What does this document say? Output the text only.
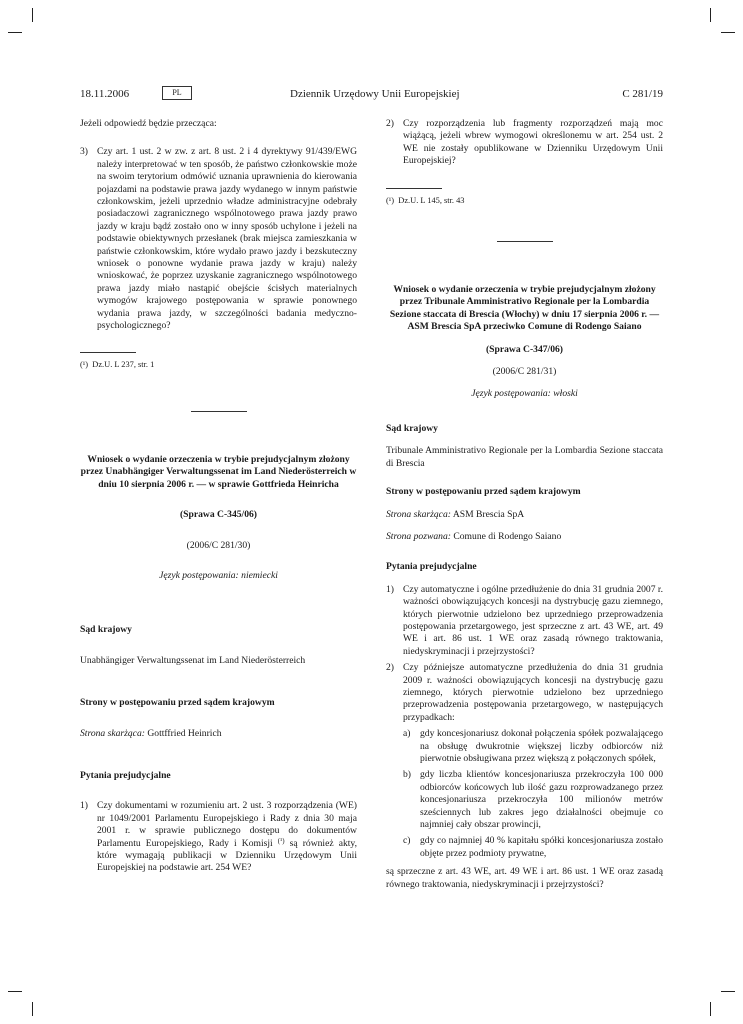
18.11.2006	PL	Dziennik Urzędowy Unii Europejskiej	C 281/19

Jeżeli odpowiedź będzie przecząca:

3) Czy art. 1 ust. 2 w zw. z art. 8 ust. 2 i 4 dyrektywy 91/439/EWG należy interpretować w ten sposób, że państwo członkowskie może na swoim terytorium odmówić uznania uprawnienia do kierowania pojazdami na podstawie prawa jazdy wydanego w innym państwie członkowskim, jeżeli uprzednio władze administracyjne odebrały posiadaczowi zagranicznego wspólnotowego prawa jazdy prawo jazdy w kraju bądź zostało ono w inny sposób uchylone i jeżeli na podstawie obiektywnych przesłanek (brak miejsca zamieszkania w państwie członkowskim, które wydało prawo jazdy i bezskuteczny wniosek o ponowne wydanie prawa jazdy w kraju) należy wnioskować, że poprzez uzyskanie zagranicznego wspólnotowego prawa jazdy miało nastąpić obejście ścisłych materialnych wymogów krajowego postępowania w sprawie ponownego wydania prawa jazdy, w szczególności badania medyczno-psychologicznego?
(¹) Dz.U. L 237, str. 1

Wniosek o wydanie orzeczenia w trybie prejudycjalnym złożony przez Unabhängiger Verwaltungssenat im Land Niederösterreich w dniu 10 sierpnia 2006 r. — w sprawie Gottfrieda Heinricha

(Sprawa C-345/06)

(2006/C 281/30)

Język postępowania: niemiecki

Sąd krajowy

Unabhängiger Verwaltungssenat im Land Niederösterreich

Strony w postępowaniu przed sądem krajowym

Strona skarżąca: Gottffried Heinrich

Pytania prejudycjalne

1) Czy dokumentami w rozumieniu art. 2 ust. 3 rozporządzenia (WE) nr 1049/2001 Parlamentu Europejskiego i Rady z dnia 30 maja 2001 r. w sprawie publicznego dostępu do dokumentów Parlamentu Europejskiego, Rady i Komisji $^{(^1)}$ są również akty, które wymagają publikacji w Dzienniku Urzędowym Unii Europejskiej na podstawie art. 254 WE?
2) Czy rozporządzenia lub fragmenty rozporządzeń mają moc wiążącą, jeżeli wbrew wymogowi określonemu w art. 254 ust. 2 WE nie zostały opublikowane w Dzienniku Urzędowym Unii Europejskiej?
(¹) Dz.U. L 145, str. 43

Wniosek o wydanie orzeczenia w trybie prejudycjalnym złożony przez Tribunale Amministrativo Regionale per la Lombardia Sezione staccata di Brescia (Włochy) w dniu 17 sierpnia 2006 r. — ASM Brescia SpA przeciwko Comune di Rodengo Saiano

(Sprawa C-347/06)

(2006/C 281/31)

Język postępowania: włoski

Sąd krajowy

Tribunale Amministrativo Regionale per la Lombardia Sezione staccata di Brescia

Strony w postępowaniu przed sądem krajowym

Strona skarżąca: ASM Brescia SpA

Strona pozwana: Comune di Rodengo Saiano

Pytania prejudycjalne

1) Czy automatyczne i ogólne przedłużenie do dnia 31 grudnia 2007 r. ważności obowiązujących koncesji na dystrybucję gazu ziemnego, których pierwotnie udzielono bez uprzedniego przeprowadzenia postępowania przetargowego, jest sprzeczne z art. 43 WE, art. 49 WE i art. 86 ust. 1 WE oraz zasadą równego traktowania, niedyskryminacji i przejrzystości?
2) Czy późniejsze automatyczne przedłużenia do dnia 31 grudnia 2009 r. ważności obowiązujących koncesji na dystrybucję gazu ziemnego, których pierwotnie udzielono bez uprzedniego przeprowadzenia postępowania przetargowego, w następujących przypadkach:
a) gdy koncesjonariusz dokonał połączenia spółek pozwalającego na obsługę dwukrotnie większej liczby odbiorców niż pierwotnie obsługiwana przez większą z połączonych spółek,
b) gdy liczba klientów koncesjonariusza przekroczyła 100 000 odbiorców końcowych lub ilość gazu rozprowadzanego przez koncesjonariusza przekroczyła 100 milionów metrów sześciennych lub zakres jego działalności obejmuje co najmniej cały obszar prowincji,
c) gdy co najmniej 40 % kapitału spółki koncesjonariusza zostało objęte przez podmioty prywatne,

są sprzeczne z art. 43 WE, art. 49 WE i art. 86 ust. 1 WE oraz zasadą równego traktowania, niedyskryminacji i przejrzystości?
